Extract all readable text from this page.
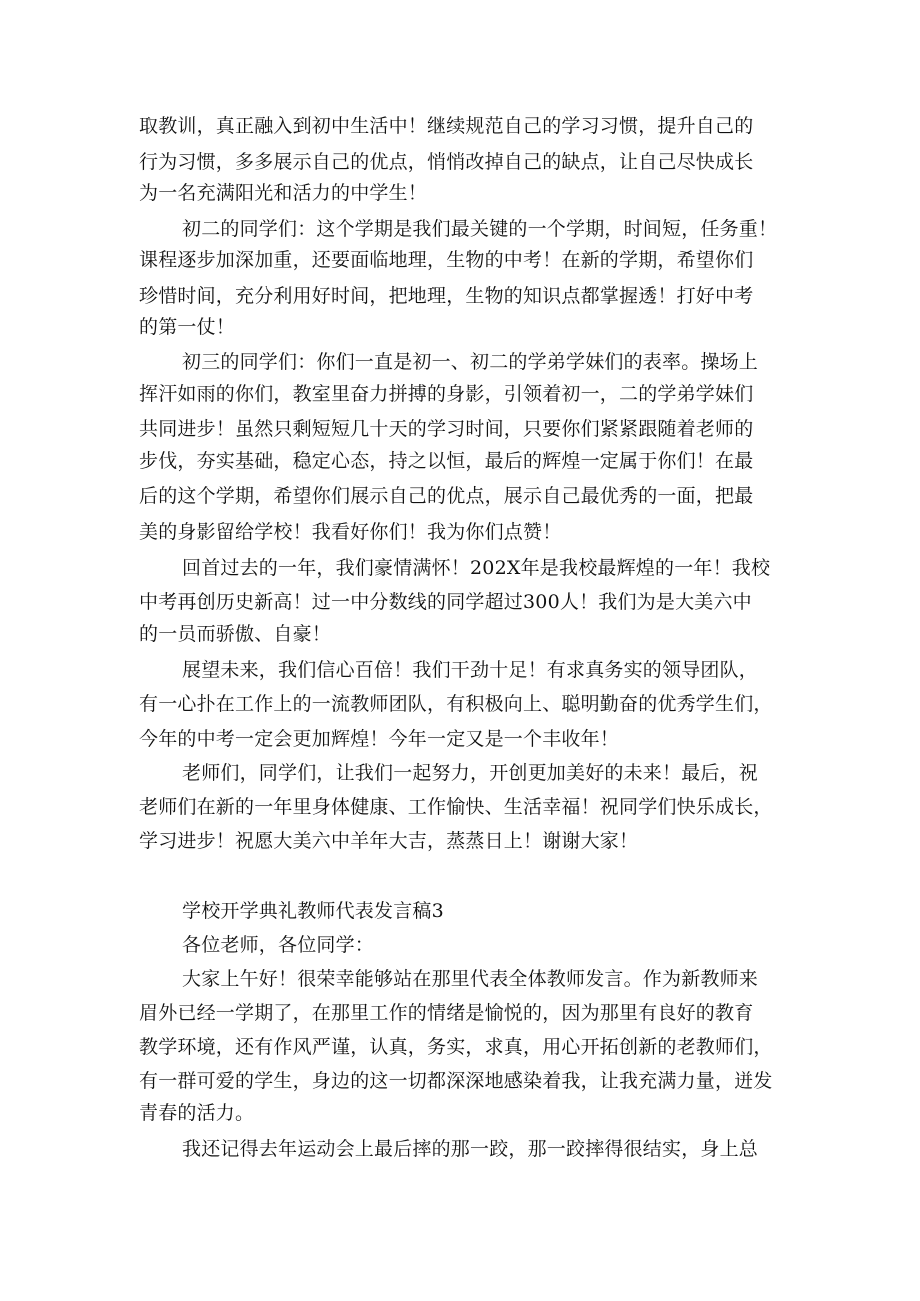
取教训，真正融入到初中生活中！继续规范自己的学习习惯，提升自己的

行为习惯，多多展示自己的优点，悄悄改掉自己的缺点，让自己尽快成长

为一名充满阳光和活力的中学生！

初二的同学们：这个学期是我们最关键的一个学期，时间短，任务重！

课程逐步加深加重，还要面临地理，生物的中考！在新的学期，希望你们

珍惜时间，充分利用好时间，把地理，生物的知识点都掌握透！打好中考

的第一仗！

初三的同学们：你们一直是初一、初二的学弟学妹们的表率。操场上

挥汗如雨的你们，教室里奋力拼搏的身影，引领着初一，二的学弟学妹们

共同进步！虽然只剩短短几十天的学习时间，只要你们紧紧跟随着老师的

步伐，夯实基础，稳定心态，持之以恒，最后的辉煌一定属于你们！在最

后的这个学期，希望你们展示自己的优点，展示自己最优秀的一面，把最

美的身影留给学校！我看好你们！我为你们点赞！

回首过去的一年，我们豪情满怀！202X年是我校最辉煌的一年！我校

中考再创历史新高！过一中分数线的同学超过300人！我们为是大美六中

的一员而骄傲、自豪！

展望未来，我们信心百倍！我们干劲十足！有求真务实的领导团队，

有一心扑在工作上的一流教师团队，有积极向上、聪明勤奋的优秀学生们，

今年的中考一定会更加辉煌！今年一定又是一个丰收年！

老师们，同学们，让我们一起努力，开创更加美好的未来！最后，祝

老师们在新的一年里身体健康、工作愉快、生活幸福！祝同学们快乐成长，

学习进步！祝愿大美六中羊年大吉，蒸蒸日上！谢谢大家！

学校开学典礼教师代表发言稿3

各位老师，各位同学：

大家上午好！很荣幸能够站在那里代表全体教师发言。作为新教师来

眉外已经一学期了，在那里工作的情绪是愉悦的，因为那里有良好的教育

教学环境，还有作风严谨，认真，务实，求真，用心开拓创新的老教师们，

有一群可爱的学生，身边的这一切都深深地感染着我，让我充满力量，迸发

青春的活力。

我还记得去年运动会上最后摔的那一跤，那一跤摔得很结实，身上总
